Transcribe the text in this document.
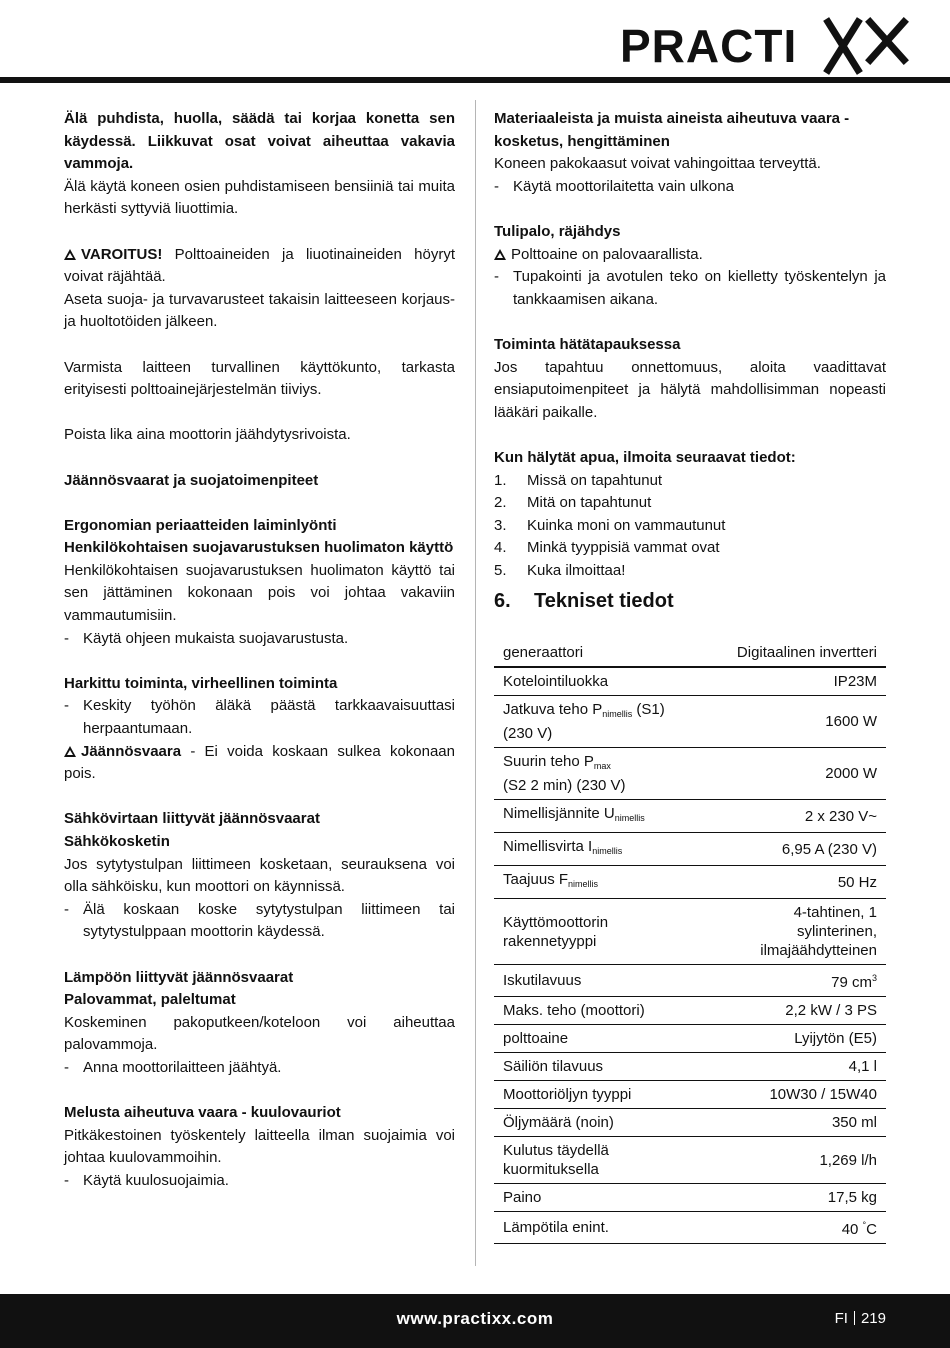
PRACTI

Älä puhdista, huolla, säädä tai korjaa konetta sen käydessä. Liikkuvat osat voivat aiheuttaa vakavia vammoja.

Älä käytä koneen osien puhdistamiseen bensiiniä tai muita herkästi syttyviä liuottimia.

VAROITUS! Polttoaineiden ja liuotinaineiden höyryt voivat räjähtää.

Aseta suoja- ja turvavarusteet takaisin laitteeseen korjaus- ja huoltotöiden jälkeen.

Varmista laitteen turvallinen käyttökunto, tarkasta erityisesti polttoainejärjestelmän tiiviys.

Poista lika aina moottorin jäähdytysrivoista.

Jäännösvaarat ja suojatoimenpiteet

Ergonomian periaatteiden laiminlyönti

Henkilökohtaisen suojavarustuksen huolimaton käyttö

Henkilökohtaisen suojavarustuksen huolimaton käyttö tai sen jättäminen kokonaan pois voi johtaa vakaviin vammautumisiin.

- Käytä ohjeen mukaista suojavarustusta.

Harkittu toiminta, virheellinen toiminta

- Keskity työhön äläkä päästä tarkkaavaisuuttasi herpaantumaan.

Jäännösvaara - Ei voida koskaan sulkea kokonaan pois.

Sähkövirtaan liittyvät jäännösvaarat

Sähkökosketin

Jos sytytystulpan liittimeen kosketaan, seurauksena voi olla sähköisku, kun moottori on käynnissä.

- Älä koskaan koske sytytystulpan liittimeen tai sytytystulppaan moottorin käydessä.

Lämpöön liittyvät jäännösvaarat

Palovammat, paleltumat

Koskeminen pakoputkeen/koteloon voi aiheuttaa palovammoja.

- Anna moottorilaitteen jäähtyä.

Melusta aiheutuva vaara - kuulovauriot

Pitkäkestoinen työskentely laitteella ilman suojaimia voi johtaa kuulovammoihin.

- Käytä kuulosuojaimia.

Materiaaleista ja muista aineista aiheutuva vaara - kosketus, hengittäminen

Koneen pakokaasut voivat vahingoittaa terveyttä.

- Käytä moottorilaitetta vain ulkona

Tulipalo, räjähdys

Polttoaine on palovaarallista.

- Tupakointi ja avotulen teko on kielletty työskentelyn ja tankkaamisen aikana.

Toiminta hätätapauksessa

Jos tapahtuu onnettomuus, aloita vaadittavat ensiaputoimenpiteet ja hälytä mahdollisimman nopeasti lääkäri paikalle.

Kun hälytät apua, ilmoita seuraavat tiedot:

1.	Missä on tapahtunut
2.	Mitä on tapahtunut
3.	Kuinka moni on vammautunut
4.	Minkä tyyppisiä vammat ovat
5.	Kuka ilmoittaa!
6.	Tekniset tiedot
generaattori	Digitaalinen invertteri
Kotelointiluokka	IP23M
Jatkuva teho $P_{nimellis}$ (S1)
(230 V)	1600 W
Suurin teho $P_{max}$
(S2 2 min) (230 V)	2000 W
Nimellisjännite $U_{nimellis}$	2 x 230 V~
Nimellisvirta $I_{nimellis}$	6,95 A (230 V)
Taajuus $F_{nimellis}$	50 Hz
Käyttömoottorin
rakennetyyppi	4-tahtinen, 1
sylinterinen,
ilmajäähdytteinen
Iskutilavuus	79 $cm^3$
Maks. teho (moottori)	2,2 kW / 3 PS
polttoaine	Lyijytön (E5)
Säiliön tilavuus	4,1 l
Moottoriöljyn tyyppi	10W30 / 15W40
Öljymäärä (noin)	350 ml
Kulutus täydellä
kuormituksella	1,269 l/h
Paino	17,5 kg
Lämpötila enint.	40 °C
www.practixx.com	FI 219
